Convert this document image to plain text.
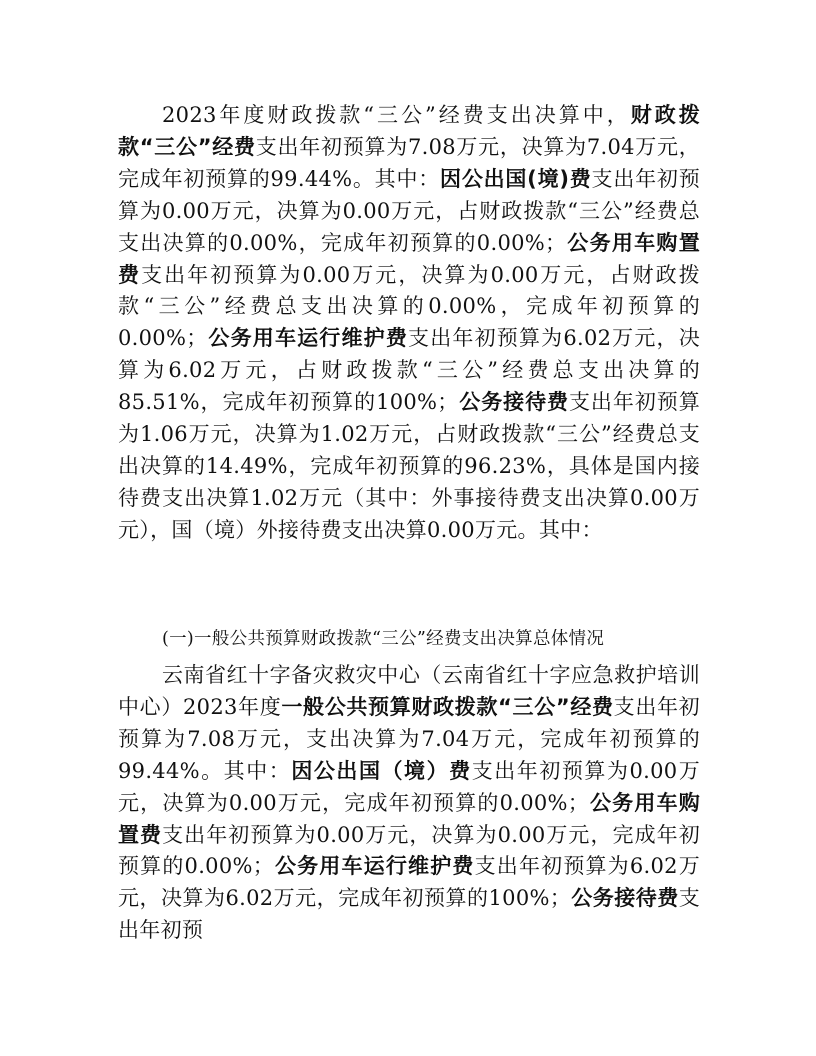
2023年度财政拨款“三公”经费支出决算中，财政拨款“三公”经费支出年初预算为7.08万元，决算为7.04万元，完成年初预算的99.44%。其中：因公出国(境)费支出年初预算为0.00万元，决算为0.00万元，占财政拨款“三公”经费总支出决算的0.00%，完成年初预算的0.00%；公务用车购置费支出年初预算为0.00万元，决算为0.00万元，占财政拨款“三公”经费总支出决算的0.00%，完成年初预算的0.00%；公务用车运行维护费支出年初预算为6.02万元，决算为6.02万元，占财政拨款“三公”经费总支出决算的85.51%，完成年初预算的100%；公务接待费支出年初预算为1.06万元，决算为1.02万元，占财政拨款“三公”经费总支出决算的14.49%，完成年初预算的96.23%，具体是国内接待费支出决算1.02万元（其中：外事接待费支出决算0.00万元），国（境）外接待费支出决算0.00万元。其中：

(一)一般公共预算财政拨款“三公”经费支出决算总体情况

云南省红十字备灾救灾中心（云南省红十字应急救护培训中心）2023年度一般公共预算财政拨款“三公”经费支出年初预算为7.08万元，支出决算为7.04万元，完成年初预算的99.44%。其中：因公出国（境）费支出年初预算为0.00万元，决算为0.00万元，完成年初预算的0.00%；公务用车购置费支出年初预算为0.00万元，决算为0.00万元，完成年初预算的0.00%；公务用车运行维护费支出年初预算为6.02万元，决算为6.02万元，完成年初预算的100%；公务接待费支出年初预
